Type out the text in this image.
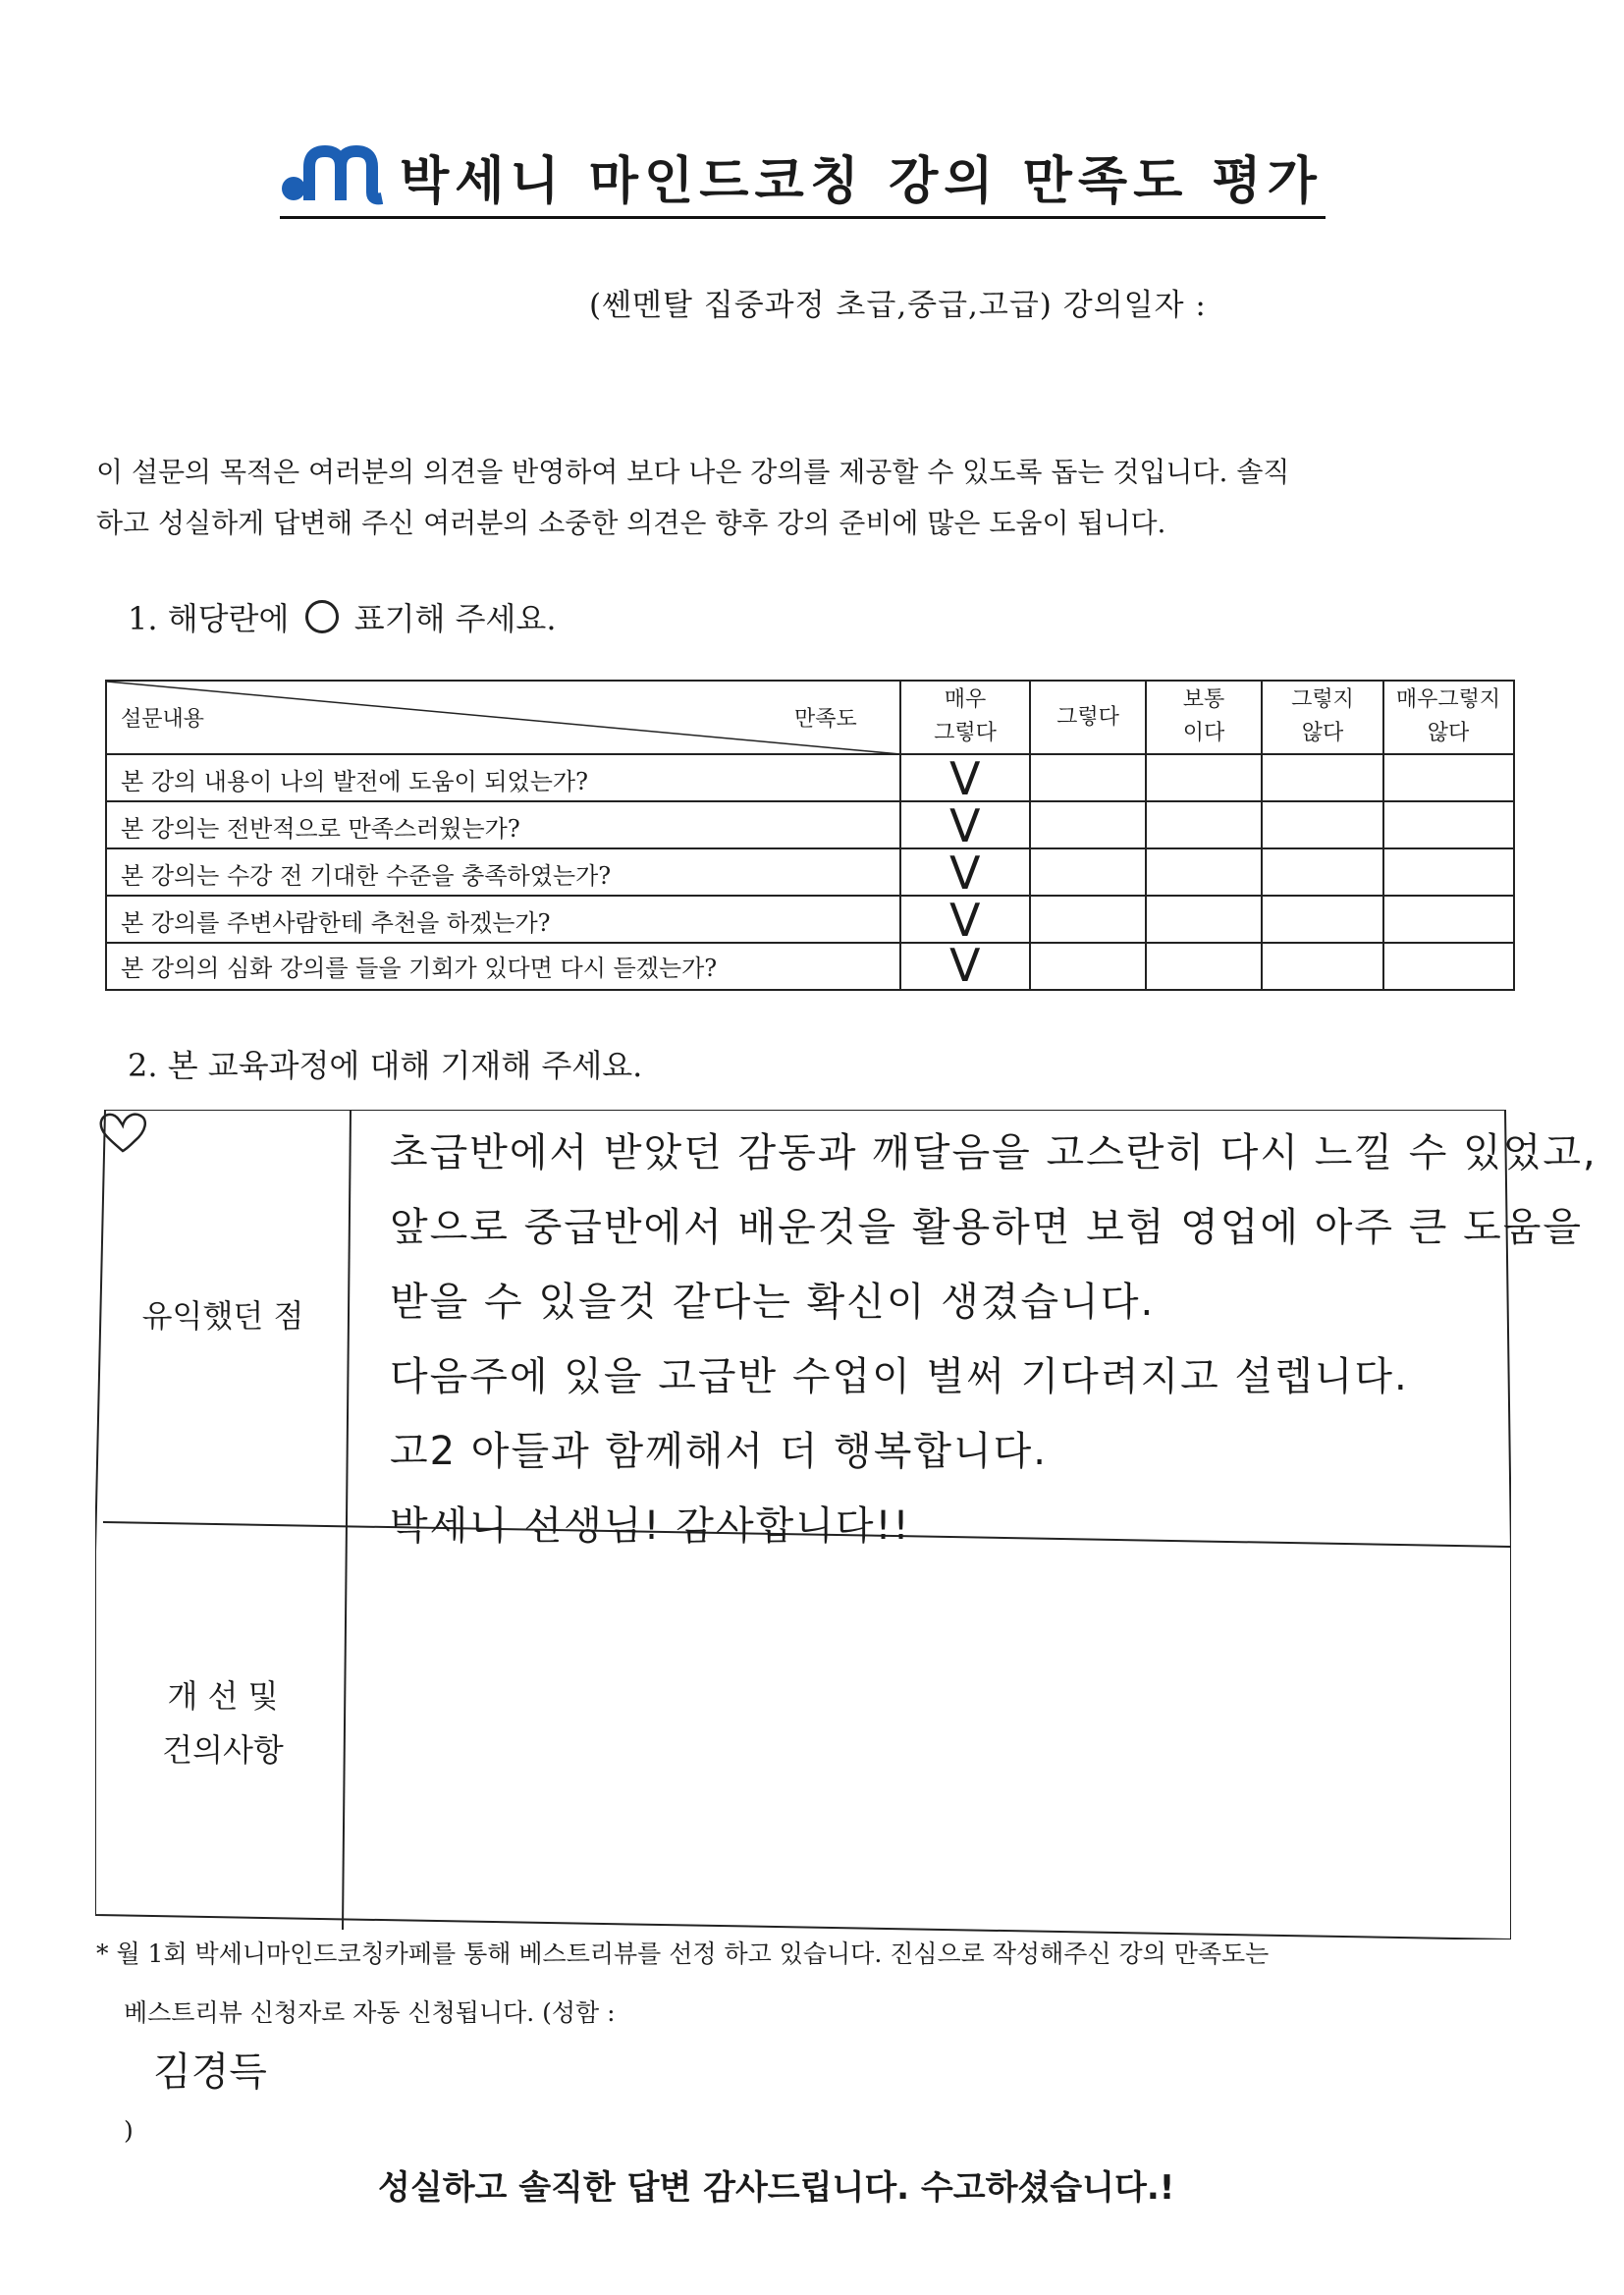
박세니 마인드코칭 강의 만족도 평가
(쎈멘탈 집중과정 초급,중급,고급) 강의일자 :
이 설문의 목적은 여러분의 의견을 반영하여 보다 나은 강의를 제공할 수 있도록 돕는 것입니다. 솔직
하고 성실하게 답변해 주신 여러분의 소중한 의견은 향후 강의 준비에 많은 도움이 됩니다.
1. 해당란에 표기해 주세요.
설문내용	만족도
매우
그렇다
그렇다
보통
이다
그렇지
않다
매우그렇지
않다
본 강의 내용이 나의 발전에 도움이 되었는가?
본 강의는 전반적으로 만족스러웠는가?
본 강의는 수강 전 기대한 수준을 충족하였는가?
본 강의를 주변사람한테 추천을 하겠는가?
본 강의의 심화 강의를 들을 기회가 있다면 다시 듣겠는가?
V
V
V
V
V
2. 본 교육과정에 대해 기재해 주세요.
유익했던 점
초급반에서 받았던 감동과 깨달음을 고스란히 다시 느낄 수 있었고,
앞으로 중급반에서 배운것을 활용하면 보험 영업에 아주 큰 도움을
받을 수 있을것 같다는 확신이 생겼습니다.
다음주에 있을 고급반 수업이 벌써 기다려지고 설렙니다.
고2 아들과 함께해서 더 행복합니다.
박세니 선생님! 감사합니다!!
개 선 및
건의사항
* 월 1회 박세니마인드코칭카페를 통해 베스트리뷰를 선정 하고 있습니다. 진심으로 작성해주신 강의 만족도는
베스트리뷰 신청자로 자동 신청됩니다. (성함 :
김경득
)
성실하고 솔직한 답변 감사드립니다. 수고하셨습니다.!
